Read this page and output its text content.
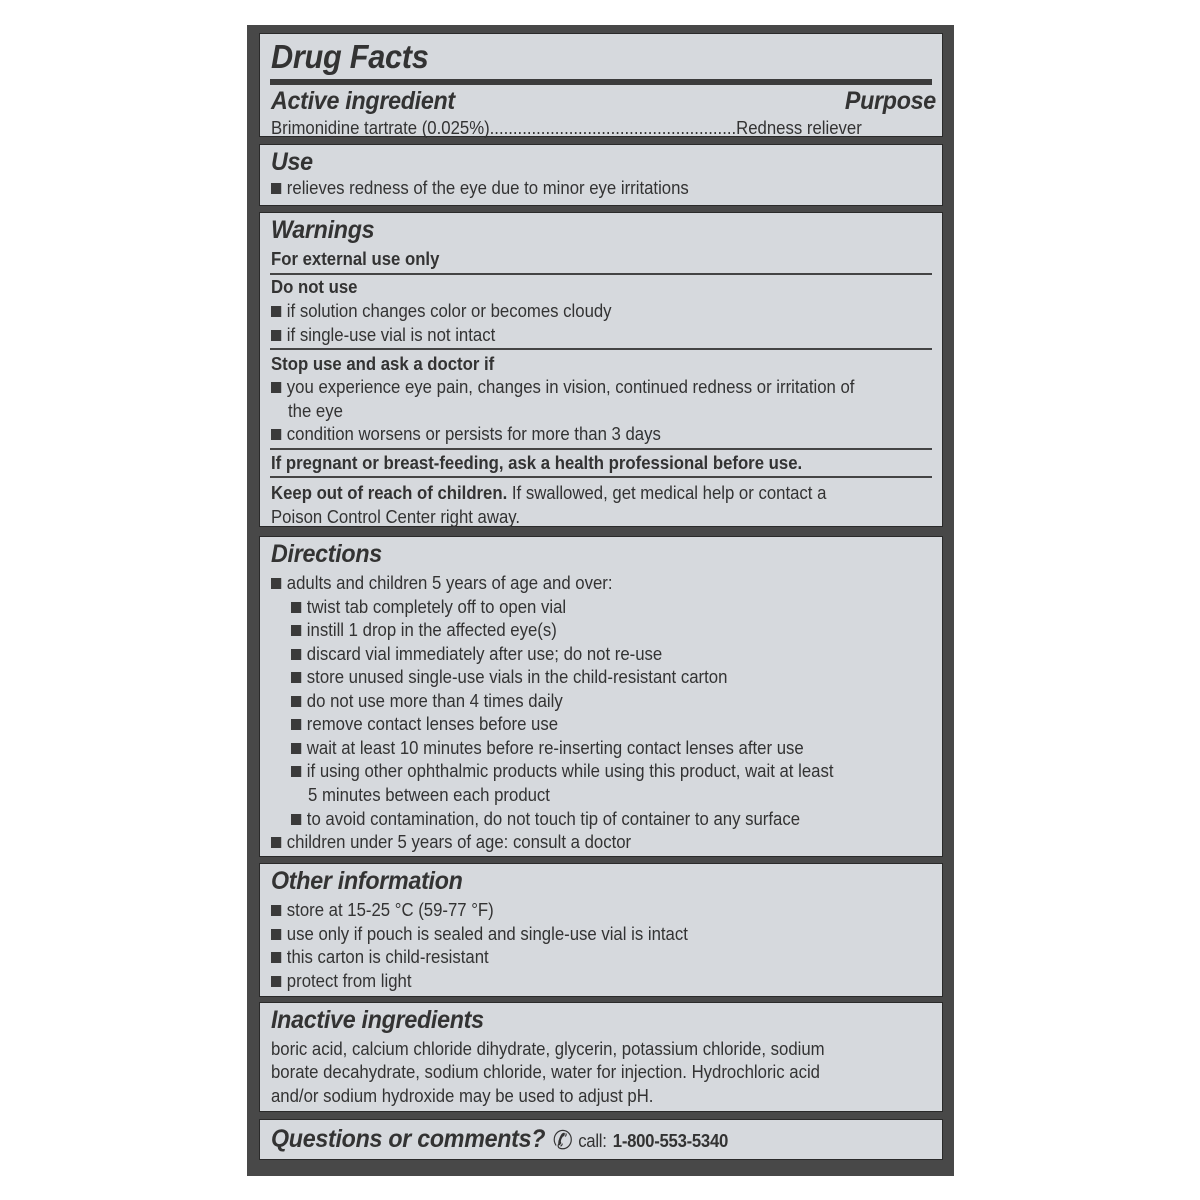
Drug Facts
Active ingredient	Purpose
Brimonidine tartrate (0.025%).....................................................Redness reliever
Use
relieves redness of the eye due to minor eye irritations
Warnings
For external use only
Do not use
if solution changes color or becomes cloudy
if single-use vial is not intact
Stop use and ask a doctor if
you experience eye pain, changes in vision, continued redness or irritation of
the eye
condition worsens or persists for more than 3 days
If pregnant or breast-feeding, ask a health professional before use.
Keep out of reach of children. If swallowed, get medical help or contact a
Poison Control Center right away.
Directions
adults and children 5 years of age and over:
twist tab completely off to open vial
instill 1 drop in the affected eye(s)
discard vial immediately after use; do not re-use
store unused single-use vials in the child-resistant carton
do not use more than 4 times daily
remove contact lenses before use
wait at least 10 minutes before re-inserting contact lenses after use
if using other ophthalmic products while using this product, wait at least
5 minutes between each product
to avoid contamination, do not touch tip of container to any surface
children under 5 years of age: consult a doctor
Other information
store at 15-25 °C (59-77 °F)
use only if pouch is sealed and single-use vial is intact
this carton is child-resistant
protect from light
Inactive ingredients
boric acid, calcium chloride dihydrate, glycerin, potassium chloride, sodium
borate decahydrate, sodium chloride, water for injection. Hydrochloric acid
and/or sodium hydroxide may be used to adjust pH.
Questions or comments? ✆ call: 1-800-553-5340
